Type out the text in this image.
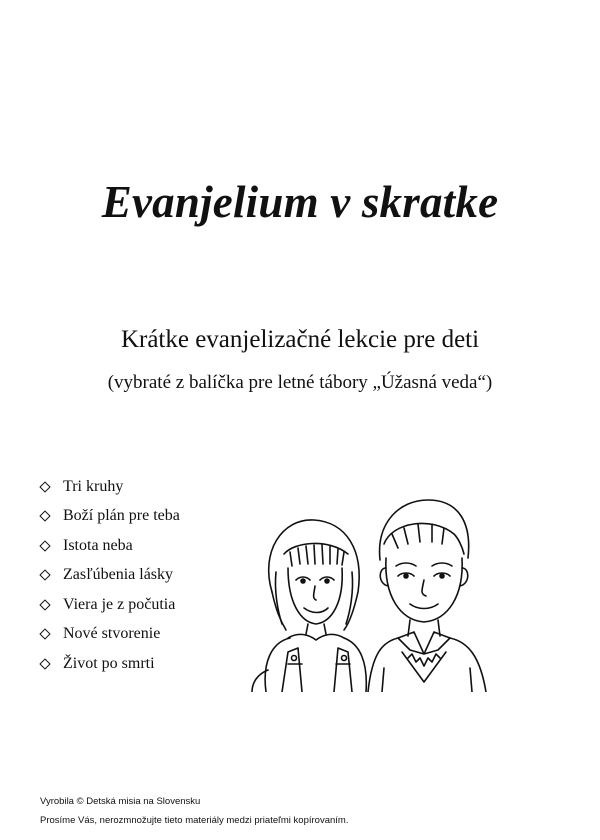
Evanjelium v skratke
Krátke evanjelizačné lekcie pre deti
(vybraté z balíčka pre letné tábory „Úžasná veda“)
Tri kruhy
Boží plán pre teba
Istota neba
Zasľúbenia lásky
Viera je z počutia
Nové stvorenie
Život po smrti
Vyrobila © Detská misia na Slovensku
Prosíme Vás, nerozmnožujte tieto materiály medzi priateľmi kopírovaním.
